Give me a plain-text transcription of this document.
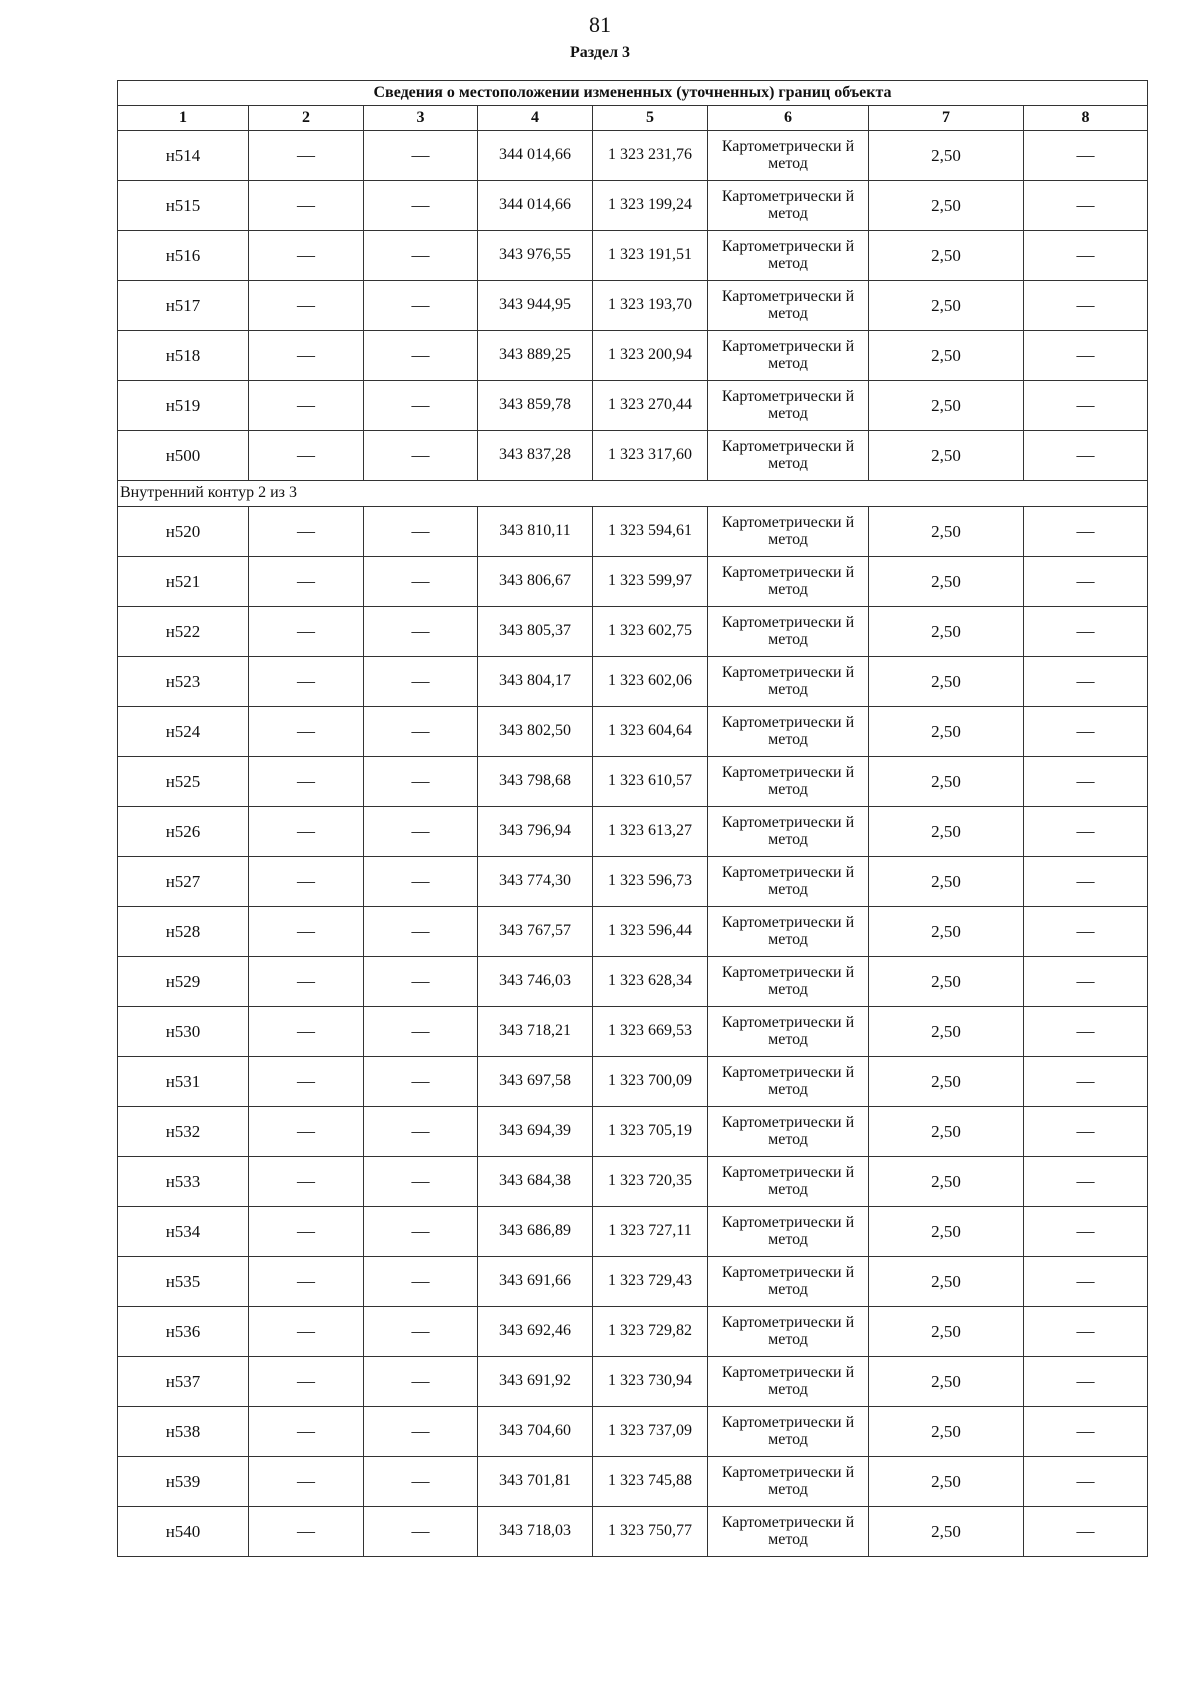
81
Раздел 3
Сведения о местоположении измененных (уточненных) границ объекта							
1	2	3	4	5	6	7	8
н514	—	—	344 014,66	1 323 231,76	Картометрически й метод	2,50	—
н515	—	—	344 014,66	1 323 199,24	Картометрически й метод	2,50	—
н516	—	—	343 976,55	1 323 191,51	Картометрически й метод	2,50	—
н517	—	—	343 944,95	1 323 193,70	Картометрически й метод	2,50	—
н518	—	—	343 889,25	1 323 200,94	Картометрически й метод	2,50	—
н519	—	—	343 859,78	1 323 270,44	Картометрически й метод	2,50	—
н500	—	—	343 837,28	1 323 317,60	Картометрически й метод	2,50	—
Внутренний контур 2 из 3							
н520	—	—	343 810,11	1 323 594,61	Картометрически й метод	2,50	—
н521	—	—	343 806,67	1 323 599,97	Картометрически й метод	2,50	—
н522	—	—	343 805,37	1 323 602,75	Картометрически й метод	2,50	—
н523	—	—	343 804,17	1 323 602,06	Картометрически й метод	2,50	—
н524	—	—	343 802,50	1 323 604,64	Картометрически й метод	2,50	—
н525	—	—	343 798,68	1 323 610,57	Картометрически й метод	2,50	—
н526	—	—	343 796,94	1 323 613,27	Картометрически й метод	2,50	—
н527	—	—	343 774,30	1 323 596,73	Картометрически й метод	2,50	—
н528	—	—	343 767,57	1 323 596,44	Картометрически й метод	2,50	—
н529	—	—	343 746,03	1 323 628,34	Картометрически й метод	2,50	—
н530	—	—	343 718,21	1 323 669,53	Картометрически й метод	2,50	—
н531	—	—	343 697,58	1 323 700,09	Картометрически й метод	2,50	—
н532	—	—	343 694,39	1 323 705,19	Картометрически й метод	2,50	—
н533	—	—	343 684,38	1 323 720,35	Картометрически й метод	2,50	—
н534	—	—	343 686,89	1 323 727,11	Картометрически й метод	2,50	—
н535	—	—	343 691,66	1 323 729,43	Картометрически й метод	2,50	—
н536	—	—	343 692,46	1 323 729,82	Картометрически й метод	2,50	—
н537	—	—	343 691,92	1 323 730,94	Картометрически й метод	2,50	—
н538	—	—	343 704,60	1 323 737,09	Картометрически й метод	2,50	—
н539	—	—	343 701,81	1 323 745,88	Картометрически й метод	2,50	—
н540	—	—	343 718,03	1 323 750,77	Картометрически й метод	2,50	—
